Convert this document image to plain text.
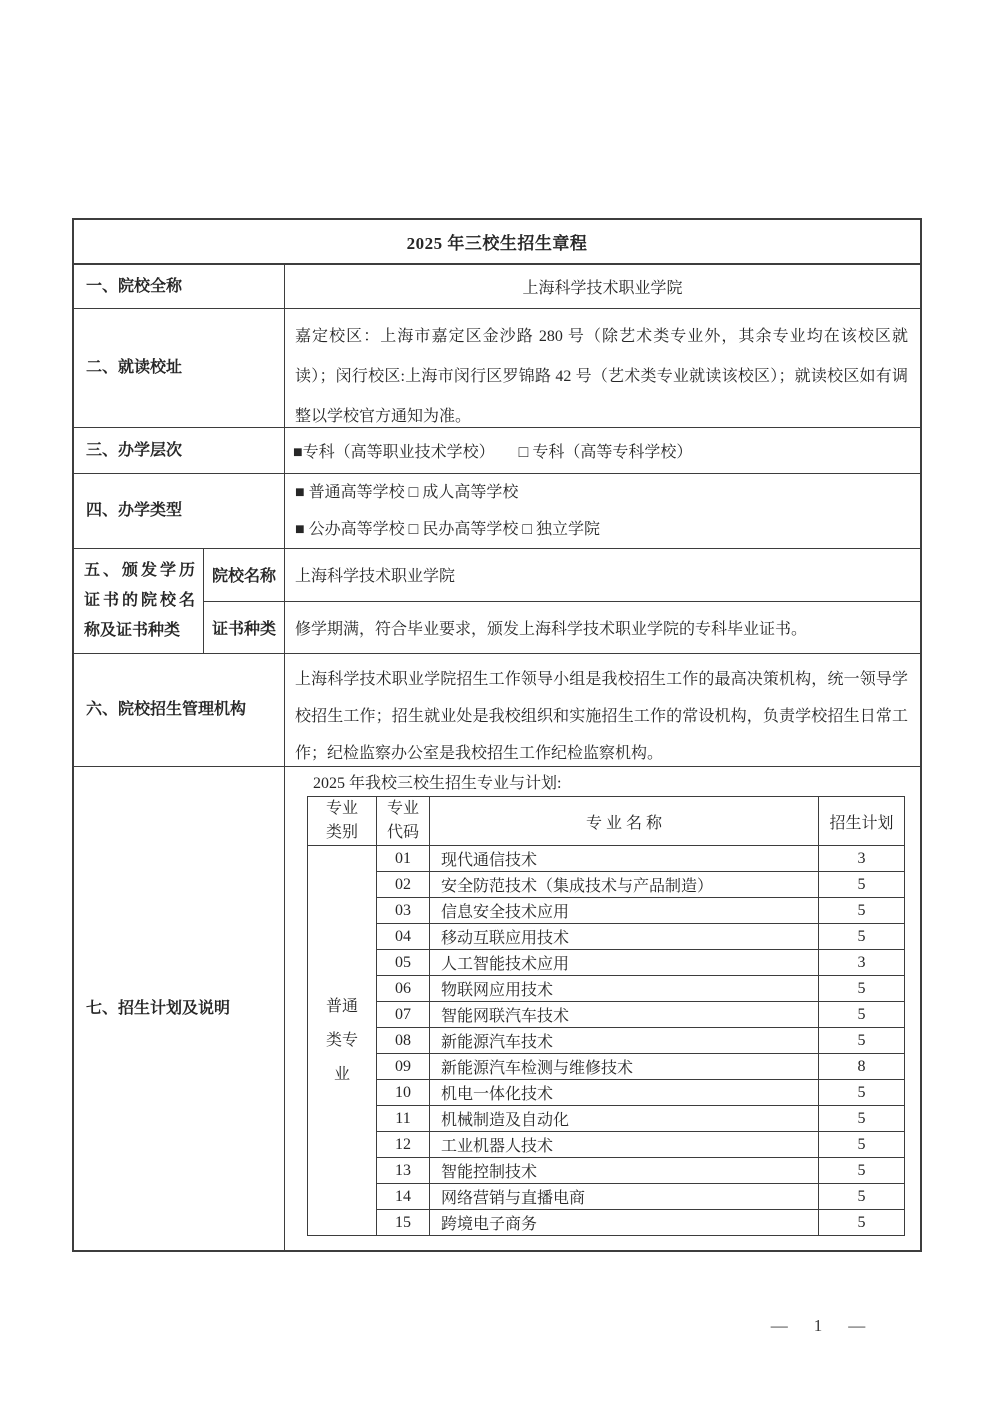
2025 年三校生招生章程
一、院校全称	上海科学技术职业学院
二、就读校址
嘉定校区：上海市嘉定区金沙路 280 号（除艺术类专业外，其余专业均在该校区就读）；闵行校区:上海市闵行区罗锦路 42 号（艺术类专业就读该校区）；就读校区如有调整以学校官方通知为准。
三、办学层次	■专科（高等职业技术学校）　　□ 专科（高等专科学校）
四、办学类型
■ 普通高等学校 □ 成人高等学校
■ 公办高等学校 □ 民办高等学校 □ 独立学院
五、颁发学历证书的院校名称及证书种类
院校名称	上海科学技术职业学院
证书种类	修学期满，符合毕业要求，颁发上海科学技术职业学院的专科毕业证书。
六、院校招生管理机构
上海科学技术职业学院招生工作领导小组是我校招生工作的最高决策机构，统一领导学校招生工作；招生就业处是我校组织和实施招生工作的常设机构，负责学校招生日常工作；纪检监察办公室是我校招生工作纪检监察机构。
七、招生计划及说明
2025 年我校三校生招生专业与计划:
专业类别	专业代码	专 业 名 称	招生计划
普通类专业	01	现代通信技术	3
	02	安全防范技术（集成技术与产品制造）	5
	03	信息安全技术应用	5
	04	移动互联应用技术	5
	05	人工智能技术应用	3
	06	物联网应用技术	5
	07	智能网联汽车技术	5
	08	新能源汽车技术	5
	09	新能源汽车检测与维修技术	8
	10	机电一体化技术	5
	11	机械制造及自动化	5
	12	工业机器人技术	5
	13	智能控制技术	5
	14	网络营销与直播电商	5
	15	跨境电子商务	5
— 1 —
